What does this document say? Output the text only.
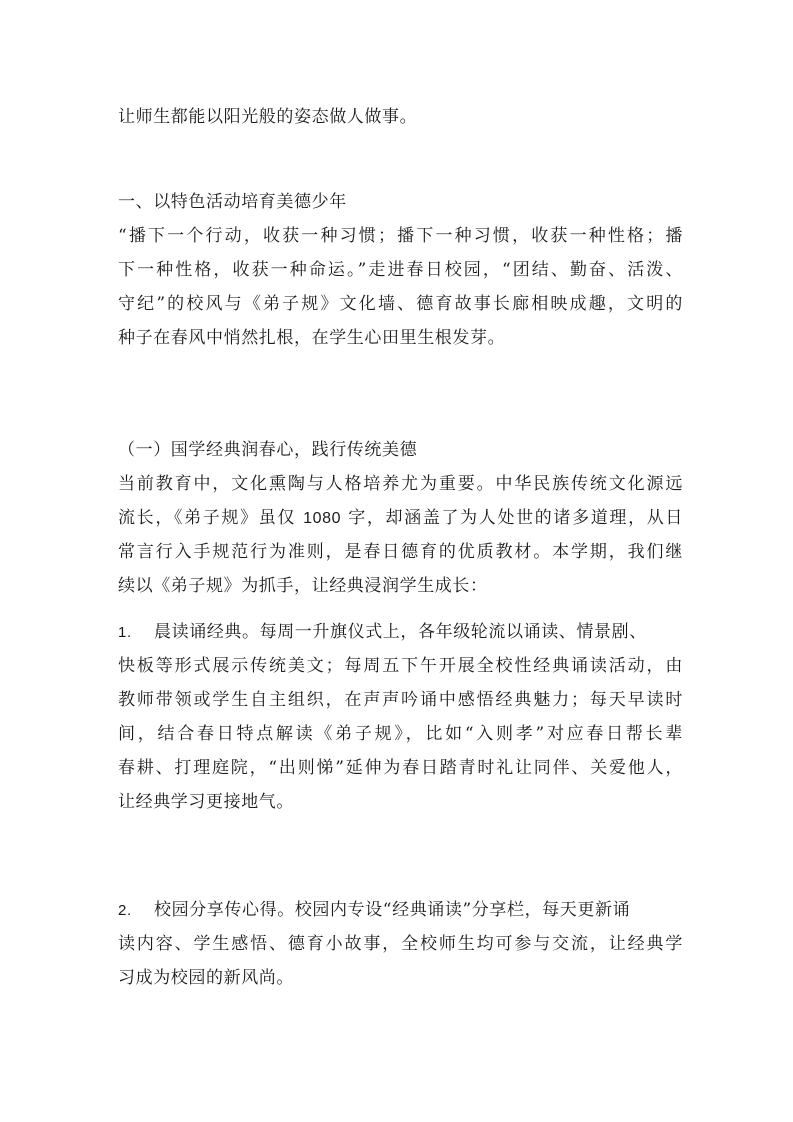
让师生都能以阳光般的姿态做人做事。
一、以特色活动培育美德少年
“播下一个行动，收获一种习惯；播下一种习惯，收获一种性格；播
下一种性格，收获一种命运。”走进春日校园，“团结、勤奋、活泼、
守纪”的校风与《弟子规》文化墙、德育故事长廊相映成趣，文明的
种子在春风中悄然扎根，在学生心田里生根发芽。
（一）国学经典润春心，践行传统美德
当前教育中，文化熏陶与人格培养尤为重要。中华民族传统文化源远
流长，《弟子规》虽仅 1080 字，却涵盖了为人处世的诸多道理，从日
常言行入手规范行为准则，是春日德育的优质教材。本学期，我们继
续以《弟子规》为抓手，让经典浸润学生成长：
1. 晨读诵经典。每周一升旗仪式上，各年级轮流以诵读、情景剧、
快板等形式展示传统美文；每周五下午开展全校性经典诵读活动，由
教师带领或学生自主组织，在声声吟诵中感悟经典魅力；每天早读时
间，结合春日特点解读《弟子规》，比如“入则孝”对应春日帮长辈
春耕、打理庭院，“出则悌”延伸为春日踏青时礼让同伴、关爱他人，
让经典学习更接地气。
2. 校园分享传心得。校园内专设“经典诵读”分享栏，每天更新诵
读内容、学生感悟、德育小故事，全校师生均可参与交流，让经典学
习成为校园的新风尚。
